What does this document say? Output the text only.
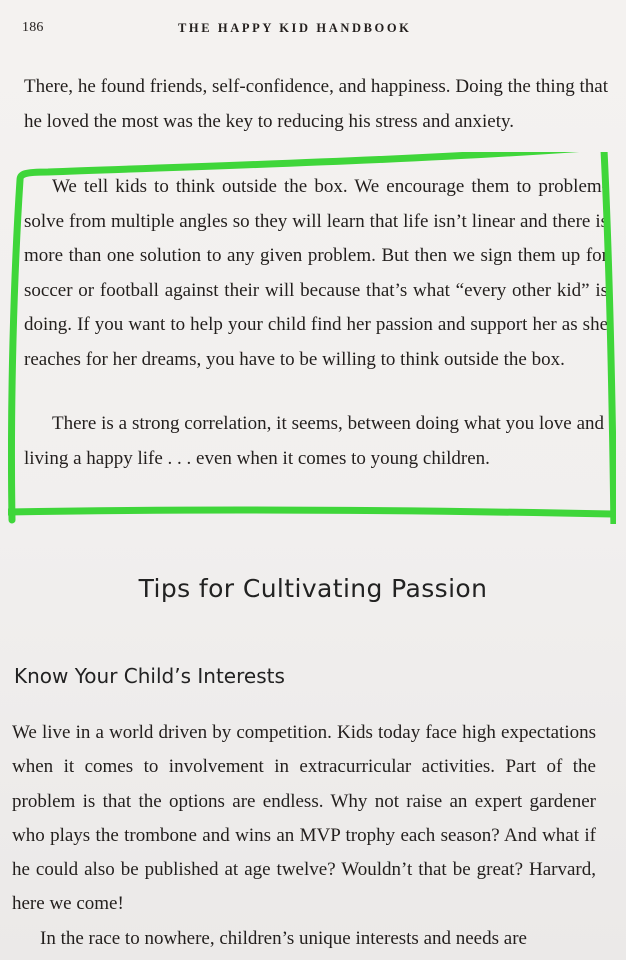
186	THE HAPPY KID HANDBOOK

There, he found friends, self-confidence, and happiness. Doing the thing that he loved the most was the key to reducing his stress and anxiety.

We tell kids to think outside the box. We encourage them to problem-solve from multiple angles so they will learn that life isn’t linear and there is more than one solution to any given problem. But then we sign them up for soccer or football against their will because that’s what “every other kid” is doing. If you want to help your child find her passion and support her as she reaches for her dreams, you have to be willing to think outside the box.

There is a strong correlation, it seems, between doing what you love and living a happy life . . . even when it comes to young children.

Tips for Cultivating Passion
Know Your Child’s Interests

We live in a world driven by competition. Kids today face high expectations when it comes to involvement in extracurricular activities. Part of the problem is that the options are endless. Why not raise an expert gardener who plays the trombone and wins an MVP trophy each season? And what if he could also be published at age twelve? Wouldn’t that be great? Harvard, here we come!

In the race to nowhere, children’s unique interests and needs are
